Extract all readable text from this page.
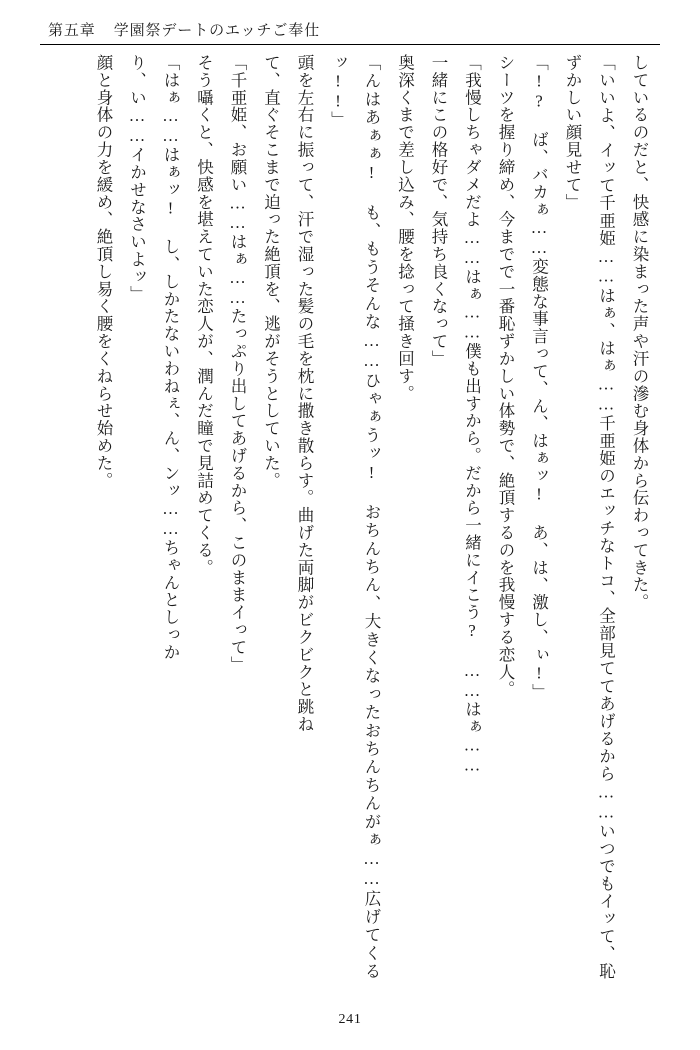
第五章 学園祭デートのエッチご奉仕

しているのだと、快感に染まった声や汗の滲む身体から伝わってきた。

「いいよ、イッて千亜姫……はぁ、はぁ……千亜姫のエッチなトコ、全部見ててあげるから……いつでもイッて、恥ずかしい顔見せて」

「!? ば、バカぁ……変態な事言って、ん、はぁッ! あ、は、激し、ぃ!」

シーツを握り締め、今までで一番恥ずかしい体勢で、絶頂するのを我慢する恋人。

「我慢しちゃダメだよ……はぁ……僕も出すから。だから一緒にイこう? ……はぁ……

一緒にこの格好で、気持ち良くなって」

奥深くまで差し込み、腰を捻って掻き回す。

「んはあぁぁ! も、もうそんな……ひゃぁうッ! おちんちん、大きくなったおちんちんがぁ……広げてくるッ!!」

頭を左右に振って、汗で湿った髪の毛を枕に撒き散らす。曲げた両脚がビクビクと跳ね

て、直ぐそこまで迫った絶頂を、逃がそうとしていた。

「千亜姫、お願い……はぁ……たっぷり出してあげるから、このままイって」

そう囁くと、快感を堪えていた恋人が、潤んだ瞳で見詰めてくる。

「はぁ……はぁッ! し、しかたないわねぇ、ん、ンッ……ちゃんとしっか

り、い……イかせなさいよッ」

顔と身体の力を緩め、絶頂し易く腰をくねらせ始めた。

241
